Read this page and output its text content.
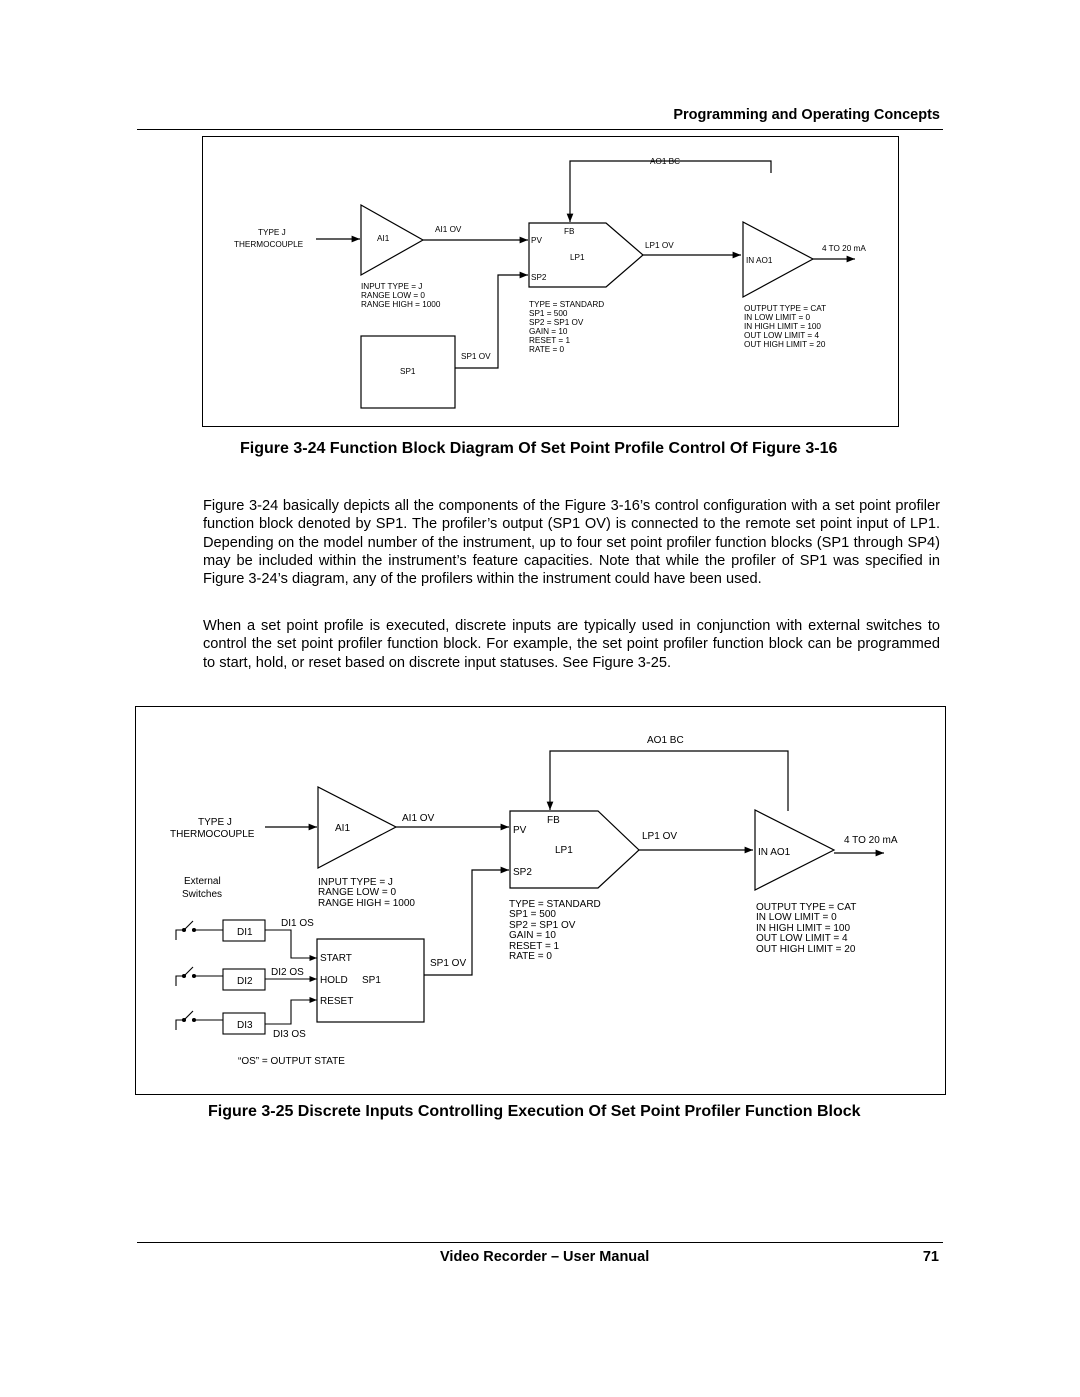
Programming and Operating Concepts
AO1 BC
TYPE J
THERMOCOUPLE
AI1
AI1 OV
INPUT TYPE = J
RANGE LOW = 0
RANGE HIGH = 1000
FB
PV
LP1
SP2
LP1 OV
TYPE = STANDARD
SP1 = 500
SP2 = SP1 OV
GAIN = 10
RESET = 1
RATE = 0
IN AO1
4 TO 20 mA
OUTPUT TYPE = CAT
IN LOW LIMIT = 0
IN HIGH LIMIT = 100
OUT LOW LIMIT = 4
OUT HIGH LIMIT = 20
SP1
SP1 OV
Figure 3-24 Function Block Diagram Of Set Point Profile Control Of Figure 3-16

Figure 3-24 basically depicts all the components of the Figure 3-16’s control configuration with a set point profiler function block denoted by SP1. The profiler’s output (SP1 OV) is connected to the remote set point input of LP1. Depending on the model number of the instrument, up to four set point profiler function blocks (SP1 through SP4) may be included within the instrument’s feature capacities. Note that while the profiler of SP1 was specified in Figure 3-24’s diagram, any of the profilers within the instrument could have been used.

When a set point profile is executed, discrete inputs are typically used in conjunction with external switches to control the set point profiler function block. For example, the set point profiler function block can be programmed to start, hold, or reset based on discrete input statuses. See Figure 3-25.

AO1 BC
TYPE J
THERMOCOUPLE
AI1
AI1 OV
INPUT TYPE = J
RANGE LOW = 0
RANGE HIGH = 1000
FB
PV
LP1
SP2
LP1 OV
TYPE = STANDARD
SP1 = 500
SP2 = SP1 OV
GAIN = 10
RESET = 1
RATE = 0
IN AO1
4 TO 20 mA
OUTPUT TYPE = CAT
IN LOW LIMIT = 0
IN HIGH LIMIT = 100
OUT LOW LIMIT = 4
OUT HIGH LIMIT = 20
External
Switches
DI1
DI1 OS
DI2
DI2 OS
DI3
DI3 OS
START
HOLD SP1
RESET
SP1 OV
“OS” = OUTPUT STATE
Figure 3-25 Discrete Inputs Controlling Execution Of Set Point Profiler Function Block
Video Recorder – User Manual	71
